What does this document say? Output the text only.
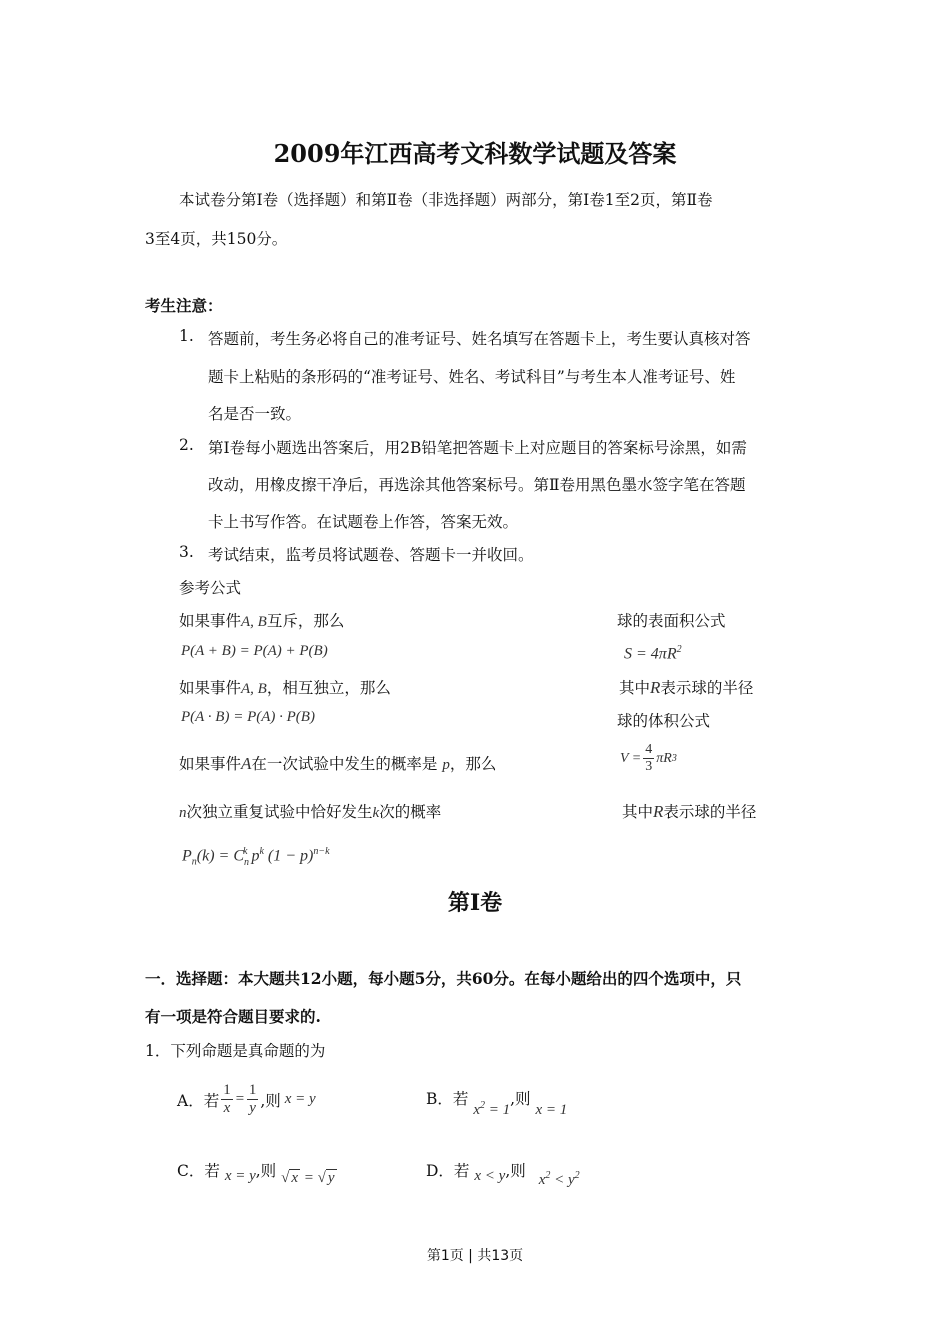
2009年江西高考文科数学试题及答案
本试卷分第Ⅰ卷（选择题）和第Ⅱ卷（非选择题）两部分，第Ⅰ卷1至2页，第Ⅱ卷
3至4页，共150分。
考生注意：
1. 答题前，考生务必将自己的准考证号、姓名填写在答题卡上，考生要认真核对答
题卡上粘贴的条形码的“准考证号、姓名、考试科目”与考生本人准考证号、姓
名是否一致。
2. 第Ⅰ卷每小题选出答案后，用2B铅笔把答题卡上对应题目的答案标号涂黑，如需
改动，用橡皮擦干净后，再选涂其他答案标号。第Ⅱ卷用黑色墨水签字笔在答题
卡上书写作答。在试题卷上作答，答案无效。
3. 考试结束，监考员将试题卷、答题卡一并收回。
参考公式
如果事件A, B互斥，那么
P(A + B) = P(A) + P(B)
如果事件A, B，相互独立，那么
P(A · B) = P(A) · P(B)
如果事件A在一次试验中发生的概率是 p，那么
n次独立重复试验中恰好发生k次的概率
$P_n(k) = C_n^k$ $p^k$ $(1 - p)^{n-k}$
球的表面积公式
$S = 4\pi R^2$
其中R表示球的半径
球的体积公式
$V = \frac{4}{3}$ πR 3
其中R表示球的半径
第Ⅰ卷
一．选择题：本大题共12小题，每小题5分，共60分。在每小题给出的四个选项中，只
有一项是符合题目要求的.
1．下列命题是真命题的为
A．若 $\frac{1}{x} = \frac{1}{y}$ ,则 x = y	B．若 $x^2 = 1$,则 x = 1
C．若 x = y,则 √ x = √ y	D．若 x < y,则 $x^2 < y^2$
第1页 | 共13页
